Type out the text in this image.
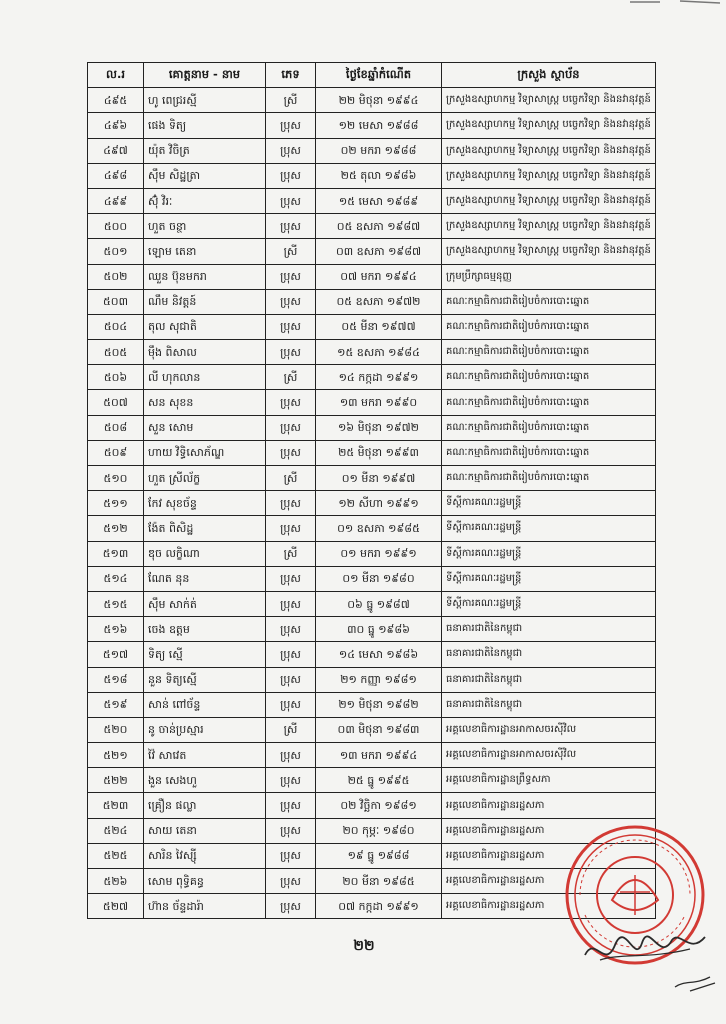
ល.រ	គោត្តនាម - នាម	ភេទ	ថ្ងៃខែឆ្នាំកំណើត	ក្រសួង ស្ថាប័ន
៤៩៥	ហូ ពេជ្ររស្មី	ស្រី	២២ មិថុនា ១៩៩៤	ក្រសួងឧស្សាហកម្ម វិទ្យាសាស្ត្រ បច្ចេកវិទ្យា និងនវានុវត្តន៍
៤៩៦	ផេង ទិត្យ	ប្រុស	១២ មេសា ១៩៨៨	ក្រសួងឧស្សាហកម្ម វិទ្យាសាស្ត្រ បច្ចេកវិទ្យា និងនវានុវត្តន៍
៤៩៧	យ៉ុត វិចិត្រ	ប្រុស	០២ មករា ១៩៨៨	ក្រសួងឧស្សាហកម្ម វិទ្យាសាស្ត្រ បច្ចេកវិទ្យា និងនវានុវត្តន៍
៤៩៨	ស៊ឹម សិដ្ឋត្រា	ប្រុស	២៥ តុលា ១៩៨៦	ក្រសួងឧស្សាហកម្ម វិទ្យាសាស្ត្រ បច្ចេកវិទ្យា និងនវានុវត្តន៍
៤៩៩	ស៊ុំ វិរៈ	ប្រុស	១៥ មេសា ១៩៨៩	ក្រសួងឧស្សាហកម្ម វិទ្យាសាស្ត្រ បច្ចេកវិទ្យា និងនវានុវត្តន៍
៥០០	ហួត ចន្ថា	ប្រុស	០៥ ឧសភា ១៩៨៧	ក្រសួងឧស្សាហកម្ម វិទ្យាសាស្ត្រ បច្ចេកវិទ្យា និងនវានុវត្តន៍
៥០១	ឡោម តេនា	ស្រី	០៣ ឧសភា ១៩៨៧	ក្រសួងឧស្សាហកម្ម វិទ្យាសាស្ត្រ បច្ចេកវិទ្យា និងនវានុវត្តន៍
៥០២	ឈួន ប៊ុនមករា	ប្រុស	០៧ មករា ១៩៩៤	ក្រុមប្រឹក្សាធម្មនុញ្ញ
៥០៣	ណឹម និវត្តន៍	ប្រុស	០៥ ឧសភា ១៩៧២	គណៈកម្មាធិការជាតិរៀបចំការបោះឆ្នោត
៥០៤	តុល សុជាតិ	ប្រុស	០៥ មីនា ១៩៧៧	គណៈកម្មាធិការជាតិរៀបចំការបោះឆ្នោត
៥០៥	ម៉ឹង ពិសាល	ប្រុស	១៥ ឧសភា ១៩៨៤	គណៈកម្មាធិការជាតិរៀបចំការបោះឆ្នោត
៥០៦	លី ហុកលាន	ស្រី	១៤ កក្កដា ១៩៩១	គណៈកម្មាធិការជាតិរៀបចំការបោះឆ្នោត
៥០៧	សន សុខន	ប្រុស	១៣ មករា ១៩៩០	គណៈកម្មាធិការជាតិរៀបចំការបោះឆ្នោត
៥០៨	សួន សោម	ប្រុស	១៦ មិថុនា ១៩៧២	គណៈកម្មាធិការជាតិរៀបចំការបោះឆ្នោត
៥០៩	ហាយ វិទ្ធិសោភ័ណ្ឌ	ប្រុស	២៥ មិថុនា ១៩៩៣	គណៈកម្មាធិការជាតិរៀបចំការបោះឆ្នោត
៥១០	ហួត ស្រីល័ក្ខ	ស្រី	០១ មីនា ១៩៩៧	គណៈកម្មាធិការជាតិរៀបចំការបោះឆ្នោត
៥១១	កែវ សុខច័ន្ទ	ប្រុស	១២ សីហា ១៩៩១	ទីស្តីការគណៈរដ្ឋមន្ត្រី
៥១២	ង៉ែត ពិសិដ្ឋ	ប្រុស	០១ ឧសភា ១៩៨៥	ទីស្តីការគណៈរដ្ឋមន្ត្រី
៥១៣	ឌុច លក្ខិណា	ស្រី	០១ មករា ១៩៩១	ទីស្តីការគណៈរដ្ឋមន្ត្រី
៥១៤	ណែត នុន	ប្រុស	០១ មីនា ១៩៨០	ទីស្តីការគណៈរដ្ឋមន្ត្រី
៥១៥	ស៊ឹម សាក់ត់	ប្រុស	០៦ ធ្នូ ១៩៨៧	ទីស្តីការគណៈរដ្ឋមន្ត្រី
៥១៦	ចេង ឧត្តម	ប្រុស	៣០ ធ្នូ ១៩៨៦	ធនាគារជាតិនៃកម្ពុជា
៥១៧	ទិត្យ ស្មើ	ប្រុស	១៤ មេសា ១៩៨៦	ធនាគារជាតិនៃកម្ពុជា
៥១៨	នួន ទិត្យស្មើ	ប្រុស	២១ កញ្ញា ១៩៨១	ធនាគារជាតិនៃកម្ពុជា
៥១៩	សាន់ ពៅច័ន្ទ	ប្រុស	២១ មិថុនា ១៩៨២	ធនាគារជាតិនៃកម្ពុជា
៥២០	នូ ចាន់ប្រស្មារ	ស្រី	០៣ មិថុនា ១៩៨៣	អគ្គលេខាធិការដ្ឋានអាកាសចរស៊ីវិល
៥២១	វ៉ៃ សាវេត	ប្រុស	១៣ មករា ១៩៩៤	អគ្គលេខាធិការដ្ឋានអាកាសចរស៊ីវិល
៥២២	ងួន សេងហួ	ប្រុស	២៥ ធ្នូ ១៩៩៥	អគ្គលេខាធិការដ្ឋានព្រឹទ្ធសភា
៥២៣	គ្រឿន ផល្លា	ប្រុស	០២ វិច្ឆិកា ១៩៨១	អគ្គលេខាធិការដ្ឋានរដ្ឋសភា
៥២៤	សាយ តេនា	ប្រុស	២០ កុម្ភៈ ១៩៨០	អគ្គលេខាធិការដ្ឋានរដ្ឋសភា
៥២៥	សារិន វៃស្ស៊ី	ប្រុស	១៩ ធ្នូ ១៩៨៨	អគ្គលេខាធិការដ្ឋានរដ្ឋសភា
៥២៦	សោម ពុទ្ធិគន្ធ	ប្រុស	២០ មីនា ១៩៨៥	អគ្គលេខាធិការដ្ឋានរដ្ឋសភា
៥២៧	ហ៊ាន ច័ន្ទដារ៉ា	ប្រុស	០៧ កក្កដា ១៩៩១	អគ្គលេខាធិការដ្ឋានរដ្ឋសភា
២២
